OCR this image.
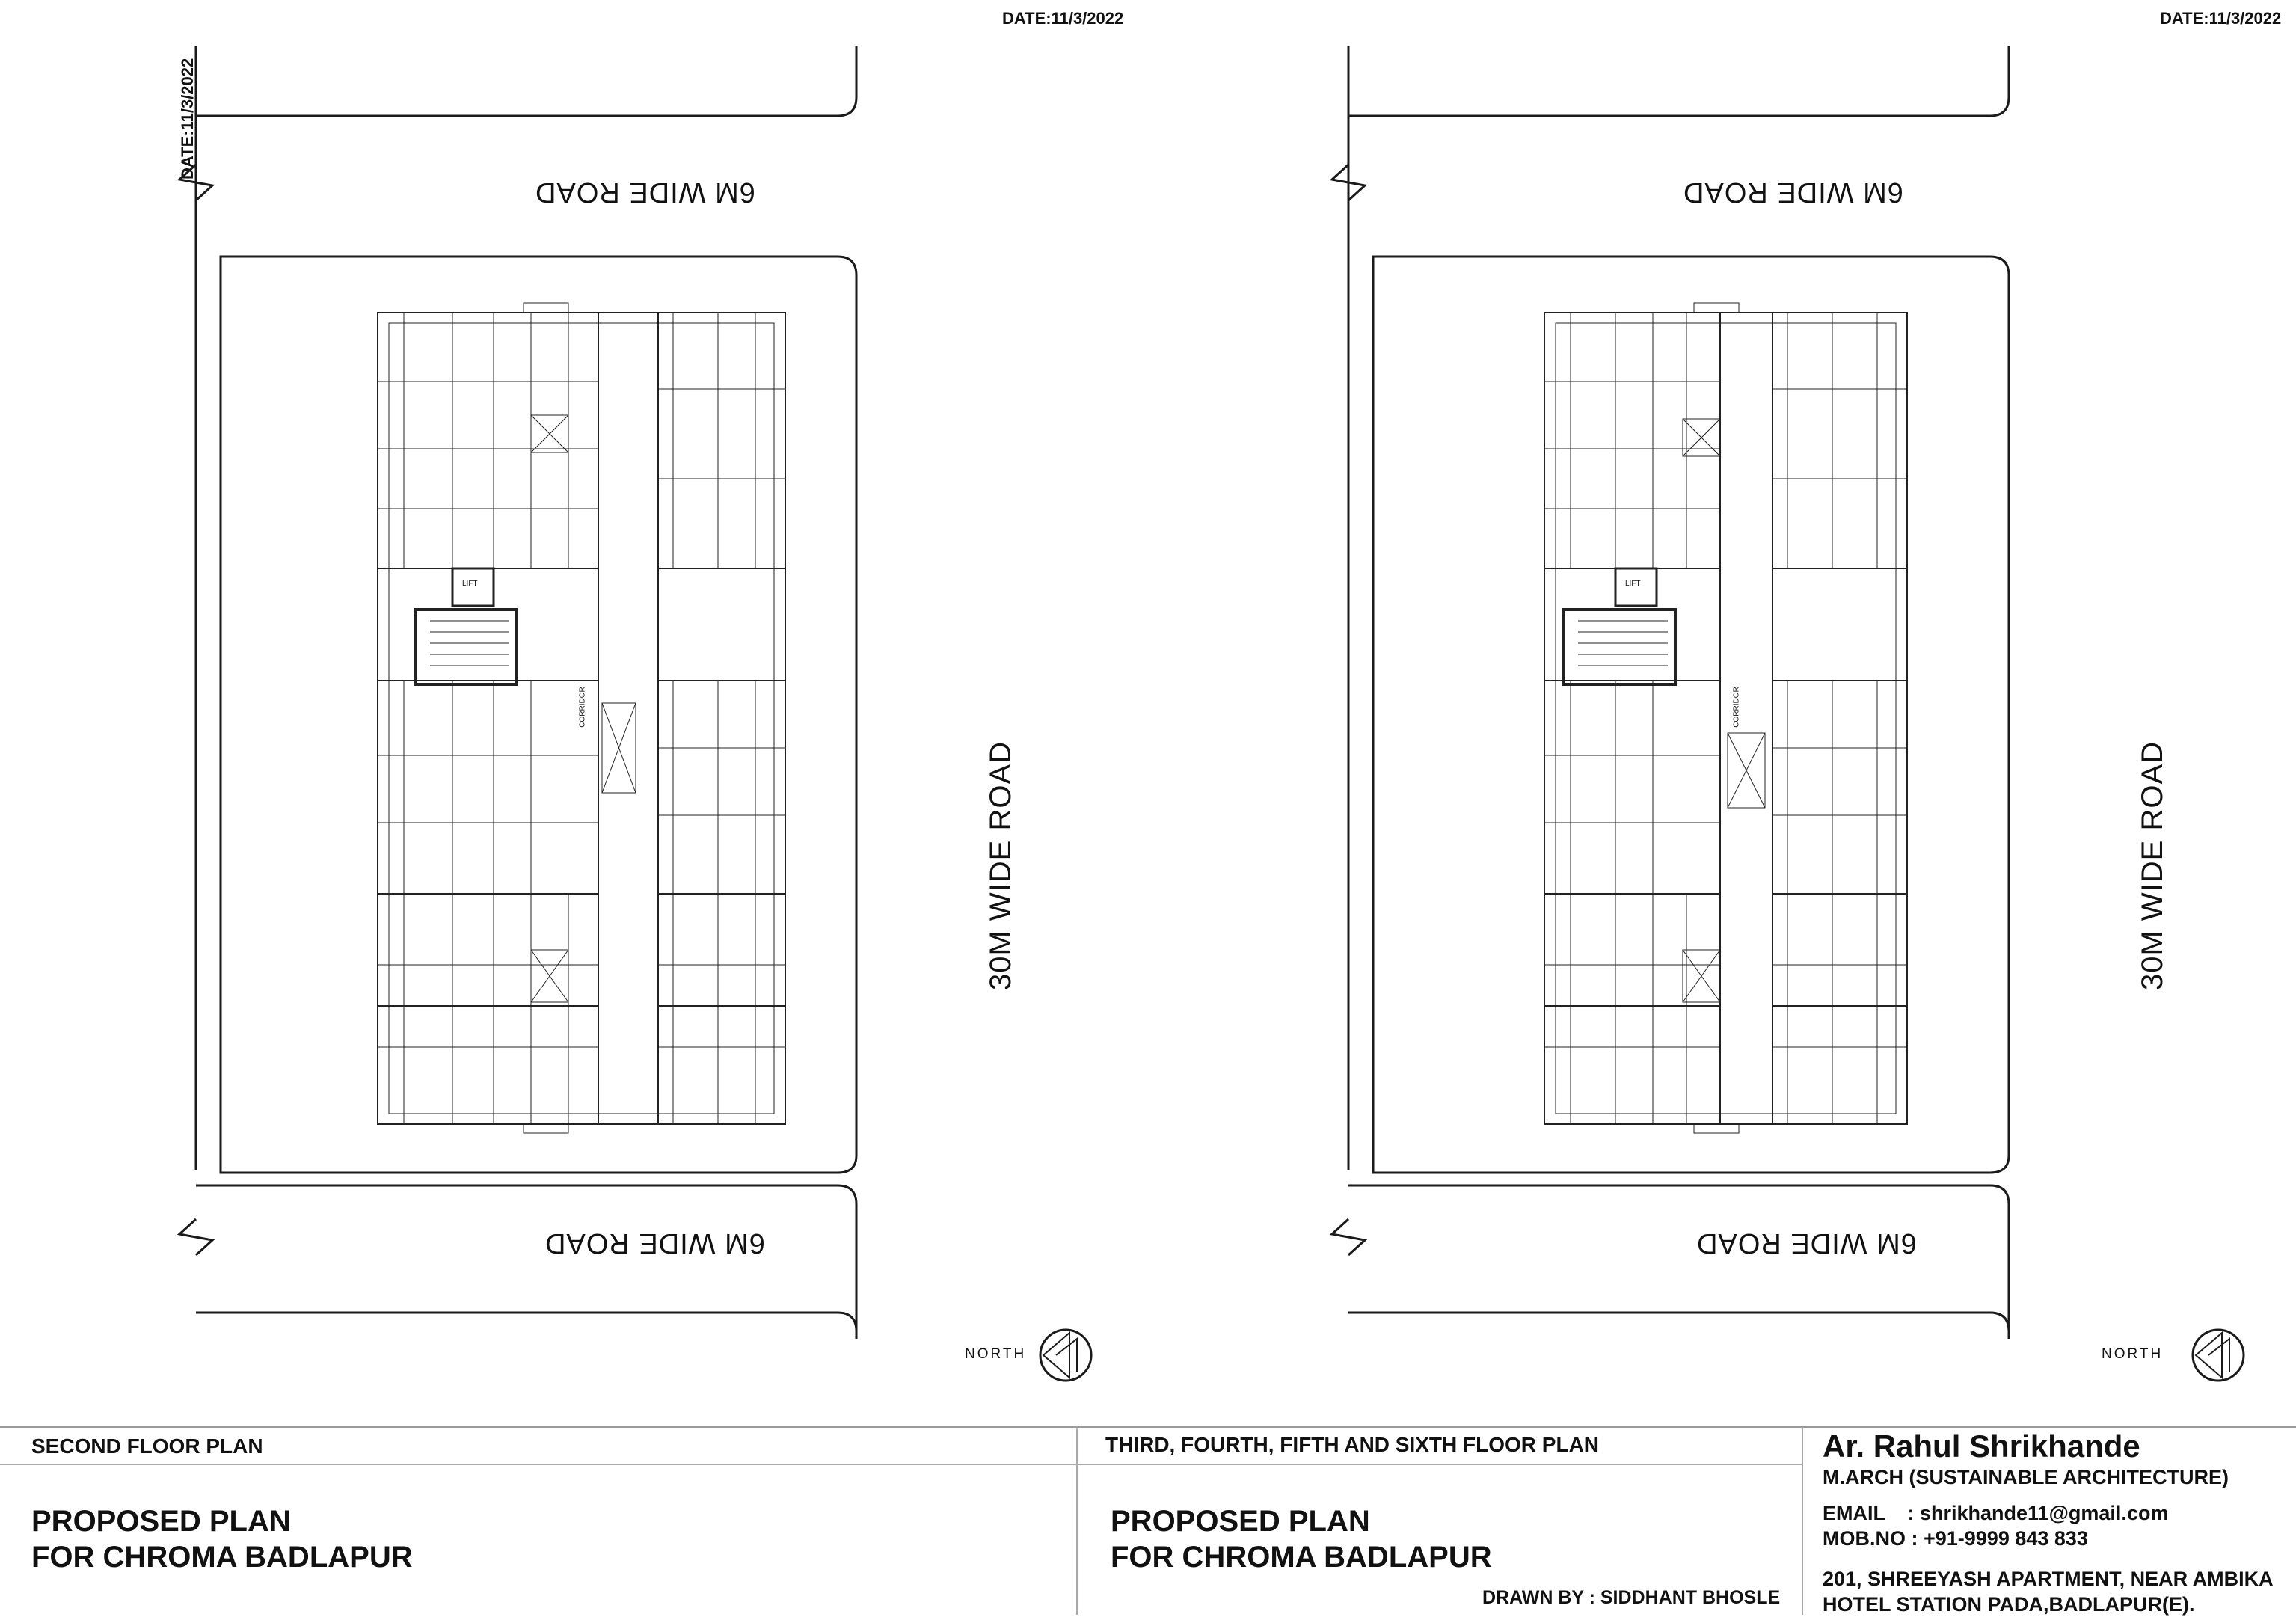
DATE:11/3/2022	DATE:11/3/2022
DATE:11/3/2022
6M WIDE ROAD
6M WIDE ROAD
30M WIDE ROAD
6M WIDE ROAD
6M WIDE ROAD
30M WIDE ROAD
CORRIDOR	CORRIDOR
LIFT	LIFT
NORTH	NORTH
SECOND FLOOR PLAN
PROPOSED PLAN
FOR CHROMA BADLAPUR
THIRD, FOURTH, FIFTH AND SIXTH FLOOR PLAN
PROPOSED PLAN
FOR CHROMA BADLAPUR
DRAWN BY : SIDDHANT BHOSLE
Ar. Rahul Shrikhande
M.ARCH (SUSTAINABLE ARCHITECTURE)
EMAIL    : shrikhande11@gmail.com
MOB.NO : +91-9999 843 833
201, SHREEYASH APARTMENT, NEAR AMBIKA
HOTEL STATION PADA,BADLAPUR(E).
